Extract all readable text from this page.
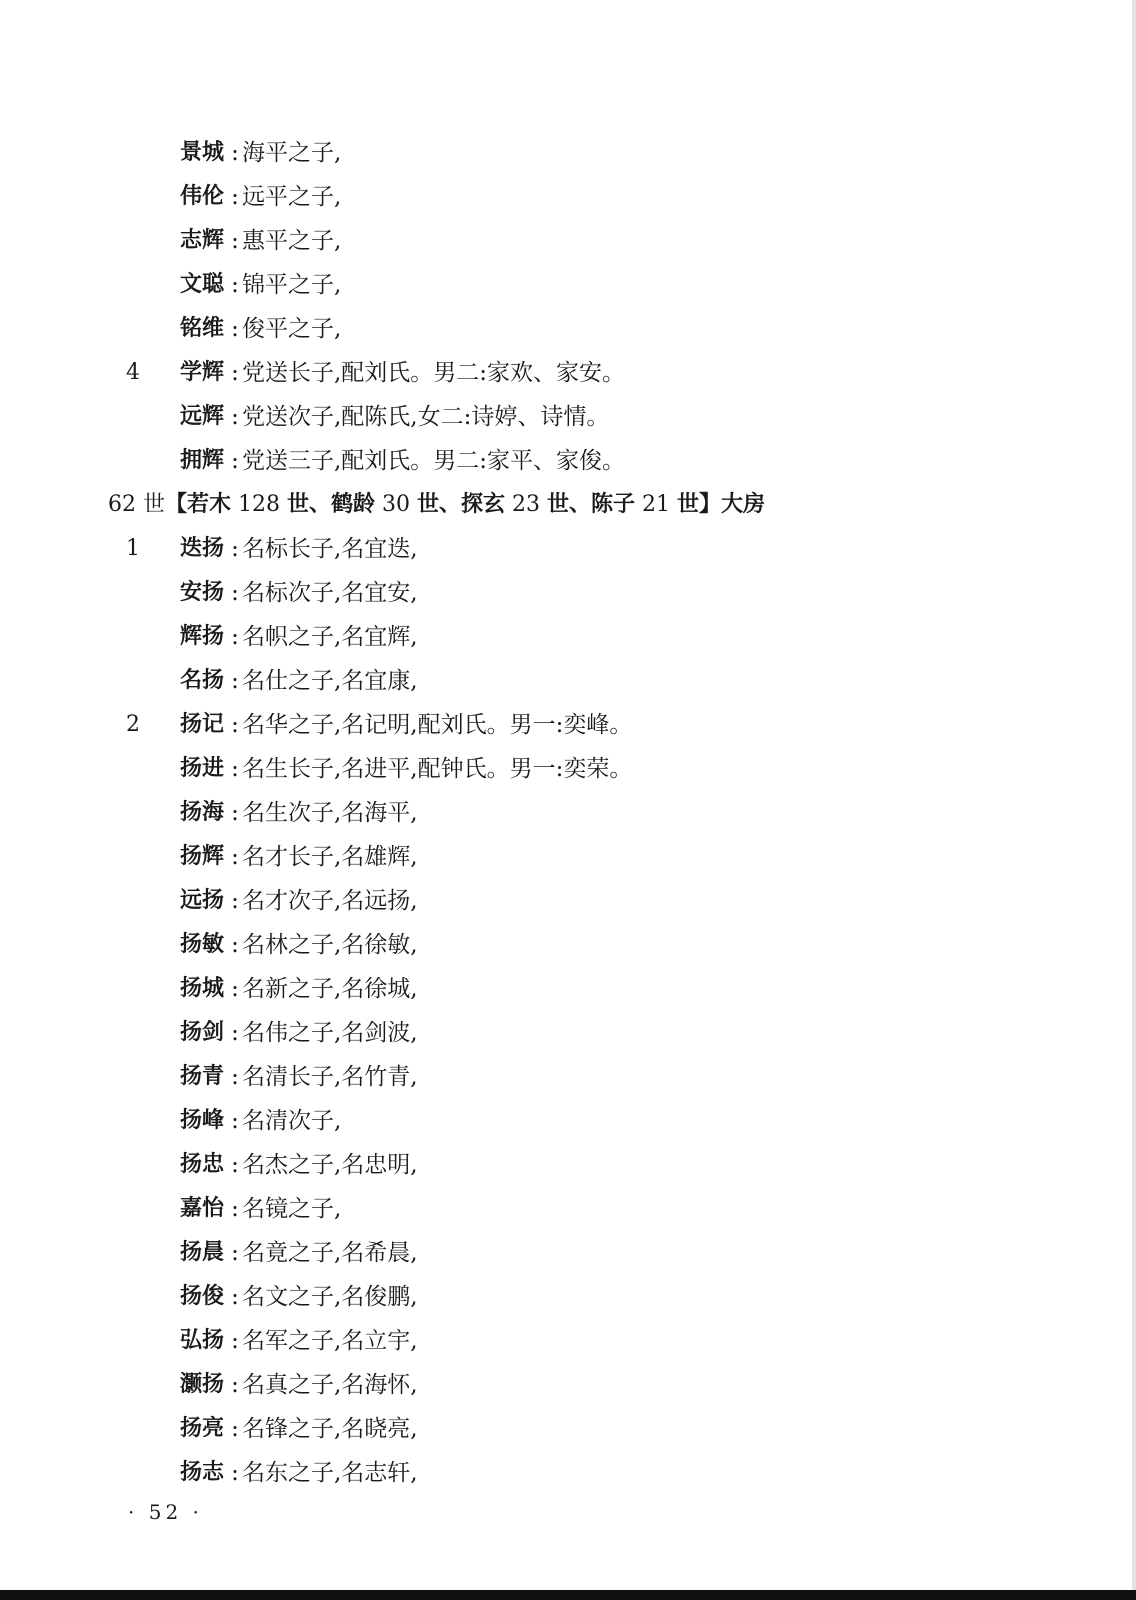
景城 : 海平之子,
伟伦 : 远平之子,
志辉 : 惠平之子,
文聪 : 锦平之子,
铭维 : 俊平之子,
4 学辉 : 党送长子,配刘氏。男二:家欢、家安。
远辉 : 党送次子,配陈氏,女二:诗婷、诗情。
拥辉 : 党送三子,配刘氏。男二:家平、家俊。
62 世【若木 128 世、鹤龄 30 世、探玄 23 世、陈子 21 世】大房
1 迭扬 : 名标长子,名宜迭,
安扬 : 名标次子,名宜安,
辉扬 : 名帜之子,名宜辉,
名扬 : 名仕之子,名宜康,
2 扬记 : 名华之子,名记明,配刘氏。男一:奕峰。
扬进 : 名生长子,名进平,配钟氏。男一:奕荣。
扬海 : 名生次子,名海平,
扬辉 : 名才长子,名雄辉,
远扬 : 名才次子,名远扬,
扬敏 : 名林之子,名徐敏,
扬城 : 名新之子,名徐城,
扬剑 : 名伟之子,名剑波,
扬青 : 名清长子,名竹青,
扬峰 : 名清次子,
扬忠 : 名杰之子,名忠明,
嘉怡 : 名镜之子,
扬晨 : 名竟之子,名希晨,
扬俊 : 名文之子,名俊鹏,
弘扬 : 名军之子,名立宇,
灏扬 : 名真之子,名海怀,
扬亮 : 名锋之子,名晓亮,
扬志 : 名东之子,名志轩,
· 52 ·
